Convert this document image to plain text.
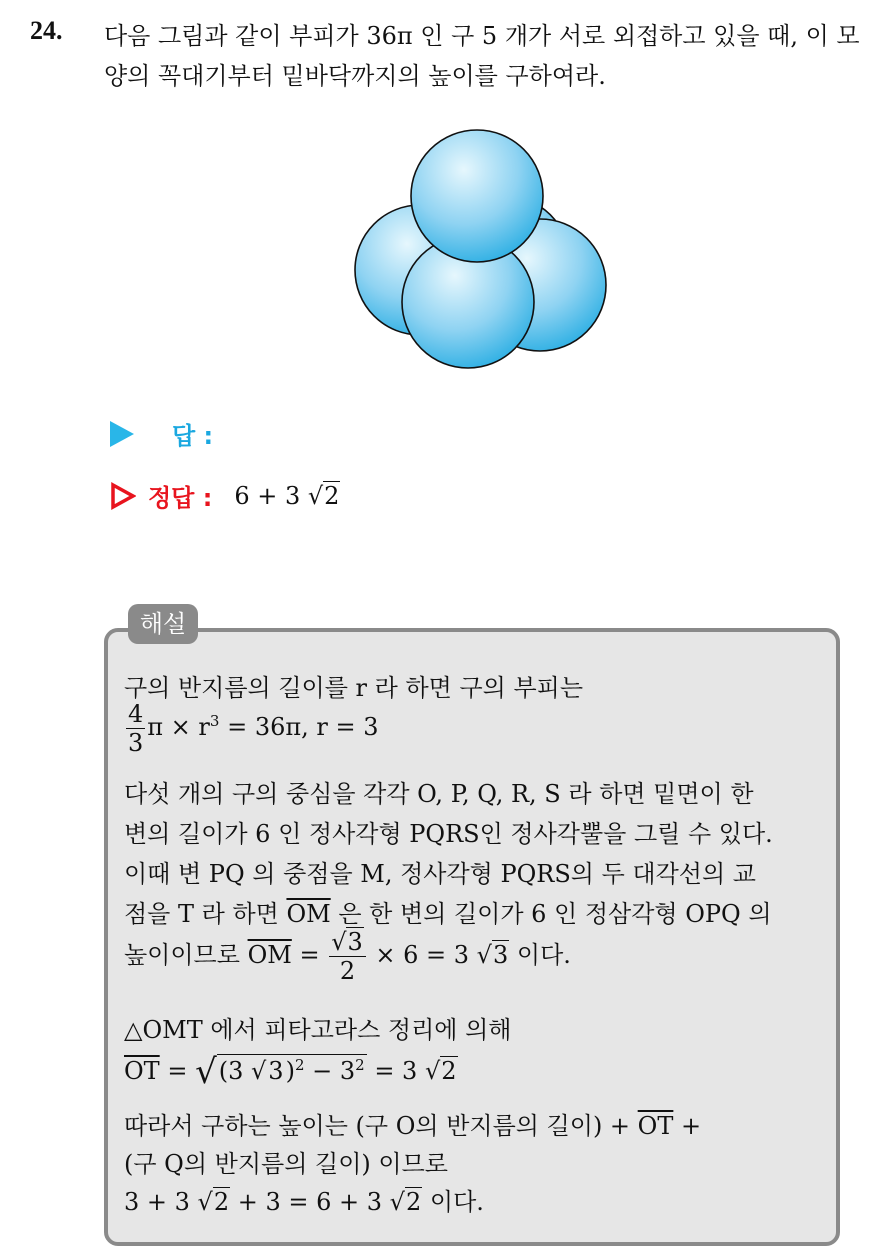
24. 다음 그림과 같이 부피가 36π 인 구 5 개가 서로 외접하고 있을 때, 이 모양의 꼭대기부터 밑바닥까지의 높이를 구하여라.
답 :
정답 : 6 + 3 √2
해설
구의 반지름의 길이를 r 라 하면 구의 부피는
$\frac{4}{3}$ $\pi \times r^3 = 36\pi$, r = 3
다섯 개의 구의 중심을 각각 O, P, Q, R, S 라 하면 밑면이 한
변의 길이가 6 인 정사각형 PQRS인 정사각뿔을 그릴 수 있다.
이때 변 PQ 의 중점을 M, 정사각형 PQRS의 두 대각선의 교
점을 T 라 하면 $\overline{OM}$ 은 한 변의 길이가 6 인 정삼각형 OPQ 의
높이이므로 $\overline{OM} = \frac{√3}{2} \times 6 = 3$ √3 이다.
△OMT 에서 피타고라스 정리에 의해
$\overline{OT} = √(3$ $√3)^2 - 3^2 = 3$ √2
따라서 구하는 높이는 (구 O의 반지름의 길이) + $\overline{OT}$ +
(구 Q의 반지름의 길이) 이므로
3 + 3 √2 + 3 = 6 + 3 √2 이다.
